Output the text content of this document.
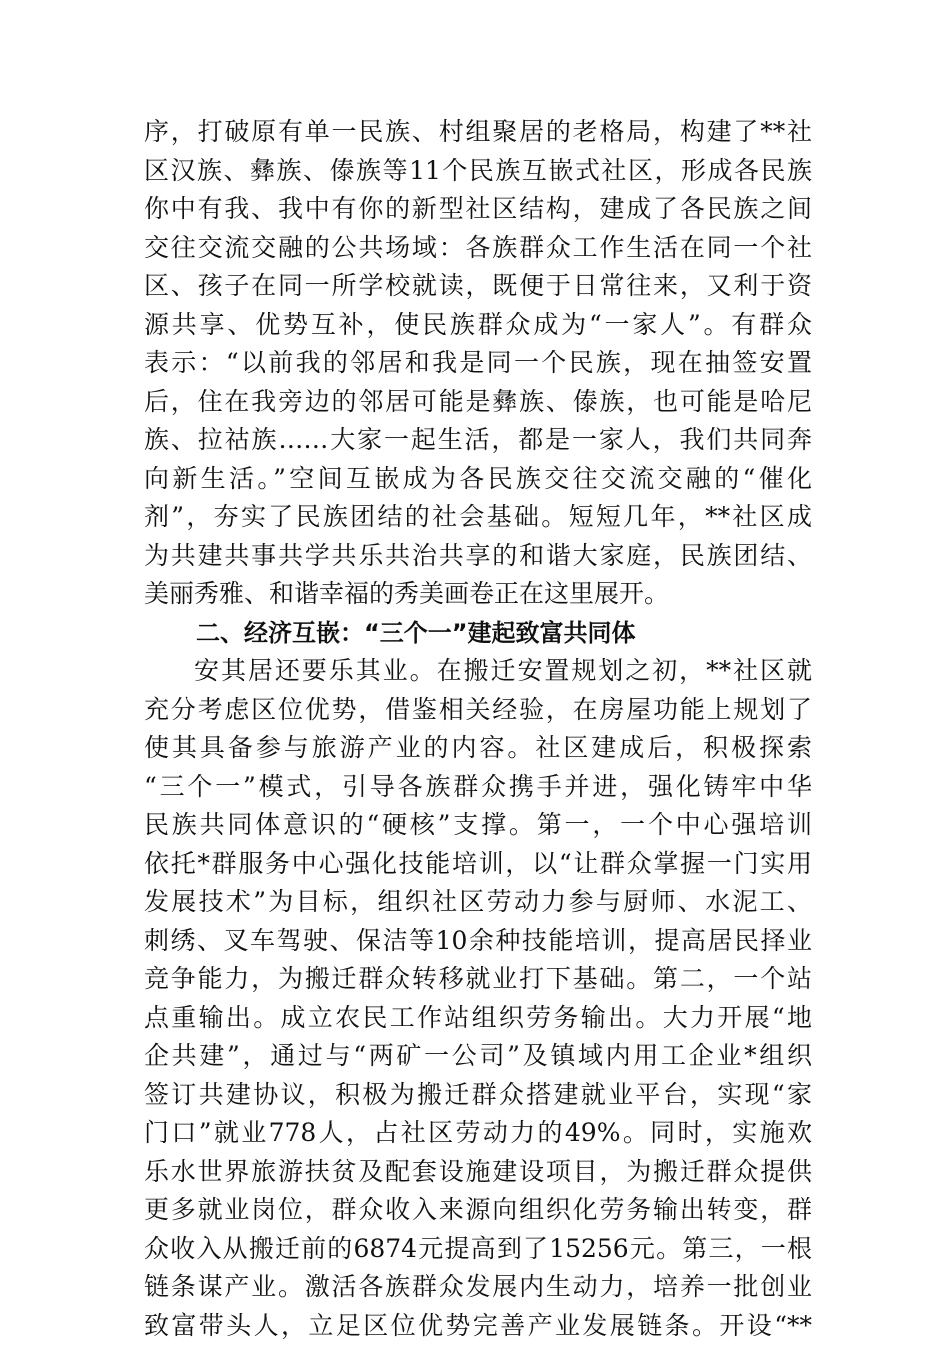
序，打破原有单一民族、村组聚居的老格局，构建了**社
区汉族、彝族、傣族等11个民族互嵌式社区，形成各民族
你中有我、我中有你的新型社区结构，建成了各民族之间
交往交流交融的公共场域：各族群众工作生活在同一个社
区、孩子在同一所学校就读，既便于日常往来，又利于资
源共享、优势互补，使民族群众成为“一家人”。有群众
表示：“以前我的邻居和我是同一个民族，现在抽签安置
后，住在我旁边的邻居可能是彝族、傣族，也可能是哈尼
族、拉祜族……大家一起生活，都是一家人，我们共同奔
向新生活。”空间互嵌成为各民族交往交流交融的“催化
剂”，夯实了民族团结的社会基础。短短几年，**社区成
为共建共事共学共乐共治共享的和谐大家庭，民族团结、
美丽秀雅、和谐幸福的秀美画卷正在这里展开。
二、经济互嵌：“三个一”建起致富共同体
安其居还要乐其业。在搬迁安置规划之初，**社区就
充分考虑区位优势，借鉴相关经验，在房屋功能上规划了
使其具备参与旅游产业的内容。社区建成后，积极探索
“三个一”模式，引导各族群众携手并进，强化铸牢中华
民族共同体意识的“硬核”支撑。第一，一个中心强培训
依托*群服务中心强化技能培训，以“让群众掌握一门实用
发展技术”为目标，组织社区劳动力参与厨师、水泥工、
刺绣、叉车驾驶、保洁等10余种技能培训，提高居民择业
竞争能力，为搬迁群众转移就业打下基础。第二，一个站
点重输出。成立农民工作站组织劳务输出。大力开展“地
企共建”，通过与“两矿一公司”及镇域内用工企业*组织
签订共建协议，积极为搬迁群众搭建就业平台，实现“家
门口”就业778人，占社区劳动力的49%。同时，实施欢
乐水世界旅游扶贫及配套设施建设项目，为搬迁群众提供
更多就业岗位，群众收入来源向组织化劳务输出转变，群
众收入从搬迁前的6874元提高到了15256元。第三，一根
链条谋产业。激活各族群众发展内生动力，培养一批创业
致富带头人，立足区位优势完善产业发展链条。开设“**
